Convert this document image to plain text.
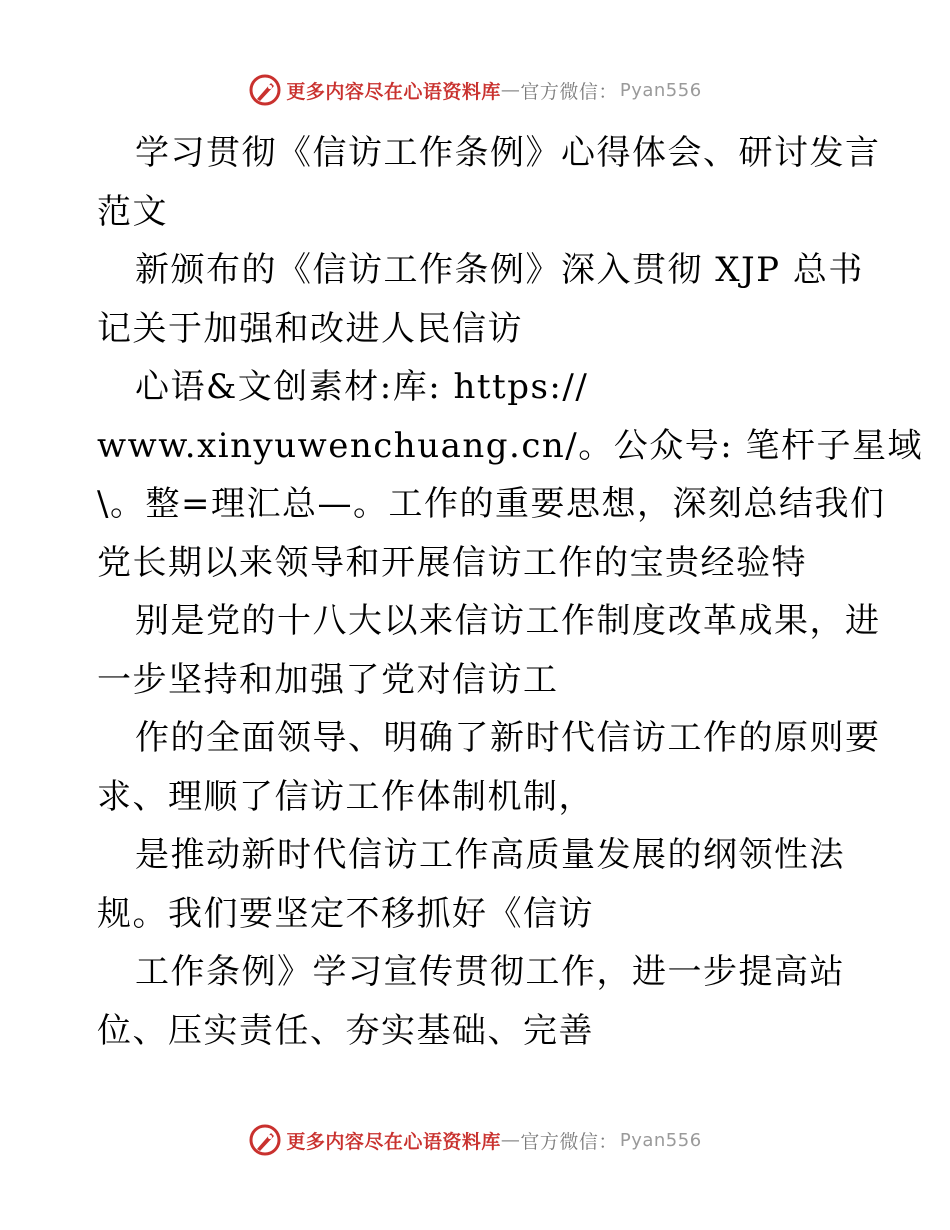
更多内容尽在心语资料库 — 官方微信： Pyan556
学习贯彻《信访工作条例》心得体会、研讨发言
范文
新颁布的《信访工作条例》深入贯彻 XJP 总书
记关于加强和改进人民信访
心语&文创素材:库: https://
www.xinyuwenchuang.cn/。公众号: 笔杆子星域
\。整=理汇总—。工作的重要思想，深刻总结我们
党长期以来领导和开展信访工作的宝贵经验特
别是党的十八大以来信访工作制度改革成果，进
一步坚持和加强了党对信访工
作的全面领导、明确了新时代信访工作的原则要
求、理顺了信访工作体制机制，
是推动新时代信访工作高质量发展的纲领性法
规。我们要坚定不移抓好《信访
工作条例》学习宣传贯彻工作，进一步提高站
位、压实责任、夯实基础、完善
更多内容尽在心语资料库 — 官方微信： Pyan556
